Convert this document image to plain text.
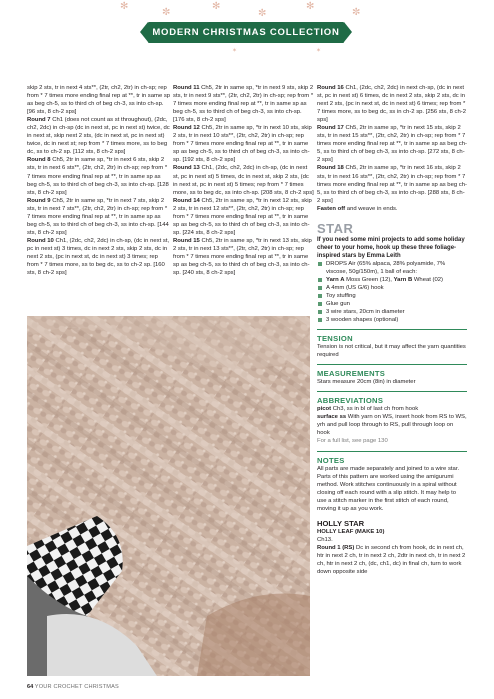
✻
✼
✻
✼
✻
✼
✶	✶
MODERN CHRISTMAS COLLECTION

skip 2 sts, tr in next 4 sts**, (2tr, ch2, 2tr) in ch-sp; rep from * 7 times more ending final rep at **, tr in same sp as beg ch-5, ss to third ch of beg ch-3, ss into ch-sp. [96 sts, 8 ch-2 sps]

Round 7 Ch1 (does not count as st throughout), (2dc, ch2, 2dc) in ch-sp (dc in next st, pc in next st) twice, dc in next st, skip next 2 sts, (dc in next st, pc in next st) twice, dc in next st; rep from * 7 times more, ss to beg dc, ss to ch-2 sp. [112 sts, 8 ch-2 sps]

Round 8 Ch5, 2tr in same sp, *tr in next 6 sts, skip 2 sts, tr in next 6 sts**, (2tr, ch2, 2tr) in ch-sp; rep from * 7 times more ending final rep at **, tr in same sp as beg ch-5, ss to third ch of beg ch-3, ss into ch-sp. [128 sts, 8 ch-2 sps]

Round 9 Ch5, 2tr in same sp, *tr in next 7 sts, skip 2 sts, tr in next 7 sts**, (2tr, ch2, 2tr) in ch-sp; rep from * 7 times more ending final rep at **, tr in same sp as beg ch-5, ss to third ch of beg ch-3, ss into ch-sp. [144 sts, 8 ch-2 sps]

Round 10 Ch1, (2dc, ch2, 2dc) in ch-sp, (dc in next st, pc in next st) 3 times, dc in next 2 sts, skip 2 sts, dc in next 2 sts, (pc in next st, dc in next st) 3 times; rep from * 7 times more, ss to beg dc, ss to ch-2 sp. [160 sts, 8 ch-2 sps]

Round 11 Ch5, 2tr in same sp, *tr in next 9 sts, skip 2 sts, tr in next 9 sts**, (2tr, ch2, 2tr) in ch-sp; rep from * 7 times more ending final rep at **, tr in same sp as beg ch-5, ss to third ch of beg ch-3, ss into ch-sp. [176 sts, 8 ch-2 sps]

Round 12 Ch5, 2tr in same sp, *tr in next 10 sts, skip 2 sts, tr in next 10 sts**, (2tr, ch2, 2tr) in ch-sp; rep from * 7 times more ending final rep at **, tr in same sp as beg ch-5, ss to third ch of beg ch-3, ss into ch-sp. [192 sts, 8 ch-2 sps]

Round 13 Ch1, (2dc, ch2, 2dc) in ch-sp, (dc in next st, pc in next st) 5 times, dc in next st, skip 2 sts, (dc in next st, pc in next st) 5 times; rep from * 7 times more, ss to beg dc, ss into ch-sp. [208 sts, 8 ch-2 sps]

Round 14 Ch5, 2tr in same sp, *tr in next 12 sts, skip 2 sts, tr in next 12 sts**, (2tr, ch2, 2tr) in ch-sp; rep from * 7 times more ending final rep at **, tr in same sp as beg ch-5, ss to third ch of beg ch-3, ss into ch-sp. [224 sts, 8 ch-2 sps]

Round 15 Ch5, 2tr in same sp, *tr in next 13 sts, skip 2 sts, tr in next 13 sts**, (2tr, ch2, 2tr) in ch-sp; rep from * 7 times more ending final rep at **, tr in same sp as beg ch-5, ss to third ch of beg ch-3, ss into ch-sp. [240 sts, 8 ch-2 sps]

Round 16 Ch1, (2dc, ch2, 2dc) in next ch-sp, (dc in next st, pc in next st) 6 times, dc in next 2 sts, skip 2 sts, dc in next 2 sts, (pc in next st, dc in next st) 6 times; rep from * 7 times more, ss to beg dc, ss in ch-2 sp. [256 sts, 8 ch-2 sps]

Round 17 Ch5, 2tr in same sp, *tr in next 15 sts, skip 2 sts, tr in next 15 sts**, (2tr, ch2, 2tr) in ch-sp; rep from * 7 times more ending final rep at **, tr in same sp as beg ch-5, ss to third ch of beg ch-3, ss into ch-sp. [272 sts, 8 ch-2 sps]

Round 18 Ch5, 2tr in same sp, *tr in next 16 sts, skip 2 sts, tr in next 16 sts**, (2tr, ch2, 2tr) in ch-sp; rep from * 7 times more ending final rep at **, tr in same sp as beg ch-5, ss to third ch of beg ch-3, ss into ch-sp. [288 sts, 8 ch-2 sps]

Fasten off and weave in ends.

STAR

If you need some mini projects to add some holiday cheer to your home, hook up these three foliage-inspired stars by Emma Leith

DROPS Air (65% alpaca, 28% polyamide, 7% viscose, 50g/150m), 1 ball of each:
Yarn A Moss Green (12), Yarn B Wheat (02)
A 4mm (US G/6) hook
Toy stuffing
Glue gun
3 wire stars, 20cm in diameter
3 wooden shapes (optional)
TENSION

Tension is not critical, but it may affect the yarn quantities required

MEASUREMENTS

Stars measure 20cm (8in) in diameter

ABBREVIATIONS

picot Ch3, ss in bl of last ch from hook

surface ss With yarn on WS, insert hook from RS to WS, yrh and pull loop through to RS, pull through loop on hook

For a full list, see page 130

NOTES

All parts are made separately and joined to a wire star.

Parts of this pattern are worked using the amigurumi method. Work stitches continuously in a spiral without closing off each round with a slip stitch. It may help to use a stitch marker in the first stitch of each round, moving it up as you work.

HOLLY STAR

HOLLY LEAF (MAKE 10)

Ch13.

Round 1 (RS) Dc in second ch from hook, dc in next ch, htr in next 2 ch, tr in next 2 ch, 2dtr in next ch, tr in next 2 ch, htr in next 2 ch, (dc, ch1, dc) in final ch, turn to work down opposite side

64 YOUR CROCHET CHRISTMAS
